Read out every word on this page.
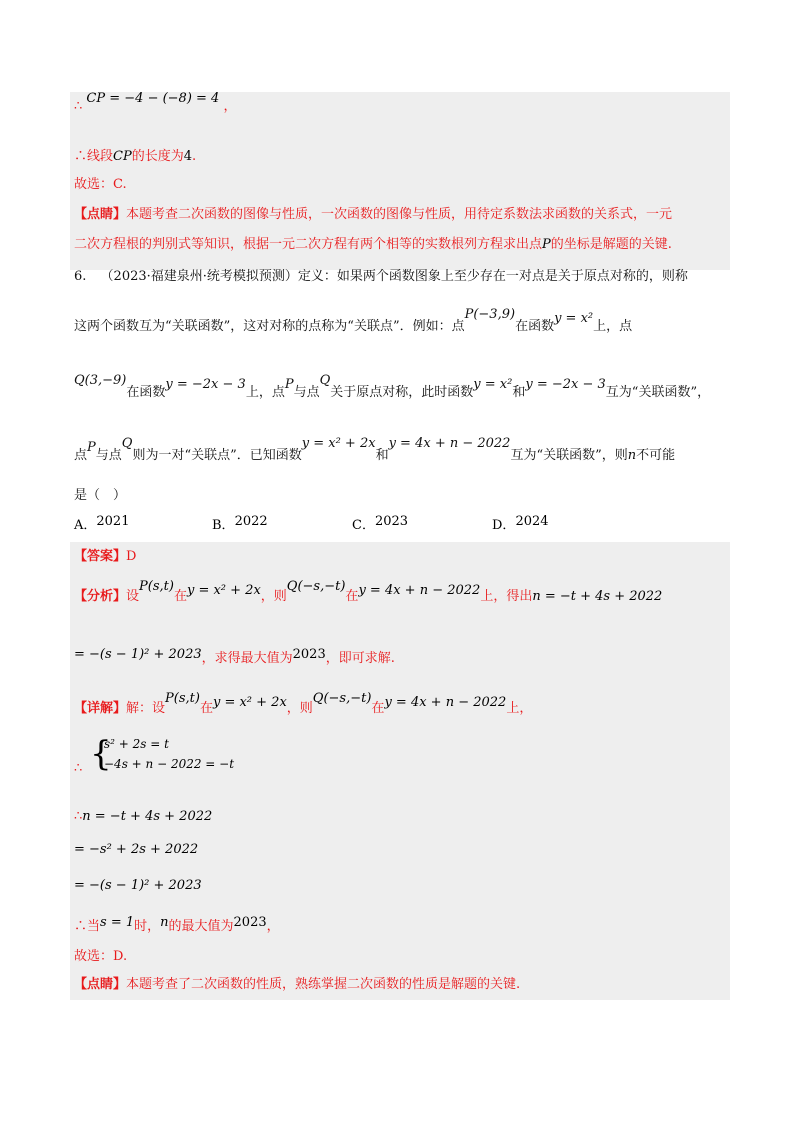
∴ CP = −4 − (−8) = 4 ，
∴线段CP的长度为4.
故选：C.
【点睛】本题考查二次函数的图像与性质，一次函数的图像与性质，用待定系数法求函数的关系式，一元
二次方程根的判别式等知识，根据一元二次方程有两个相等的实数根列方程求出点P的坐标是解题的关键.
6. （2023·福建泉州·统考模拟预测）定义：如果两个函数图象上至少存在一对点是关于原点对称的，则称
这两个函数互为“关联函数”，这对对称的点称为“关联点”．例如：点P(−3,9)在函数y = x²上，点
Q(3,−9)在函数y = −2x − 3上，点P与点Q关于原点对称，此时函数y = x²和y = −2x − 3互为“关联函数”，
点P与点Q则为一对“关联点”．已知函数y = x² + 2x和y = 4x + n − 2022互为“关联函数”，则n不可能
是（　）
A．2021	B．2022	C．2023	D．2024
【答案】D
【分析】设P(s,t)在y = x² + 2x，则Q(−s,−t)在y = 4x + n − 2022上，得出n = −t + 4s + 2022
= −(s − 1)² + 2023，求得最大值为2023，即可求解.
【详解】解：设P(s,t)在y = x² + 2x，则Q(−s,−t)在y = 4x + n − 2022上，
∴ {
s² + 2s = t
−4s + n − 2022 = −t
∴n = −t + 4s + 2022
= −s² + 2s + 2022
= −(s − 1)² + 2023
∴当s = 1时，n的最大值为2023，
故选：D.
【点睛】本题考查了二次函数的性质，熟练掌握二次函数的性质是解题的关键.
